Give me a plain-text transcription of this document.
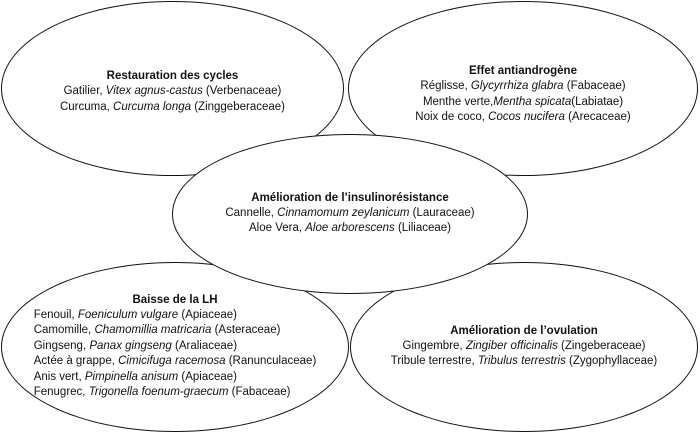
Restauration des cycles
Gatilier, Vitex agnus-castus (Verbenaceae)
Curcuma, Curcuma longa (Zinggeberaceae)
Effet antiandrogène
Réglisse, Glycyrrhiza glabra (Fabaceae)
Menthe verte,Mentha spicata(Labiatae)
Noix de coco, Cocos nucifera (Arecaceae)
Baisse de la LH
Fenouil, Foeniculum vulgare (Apiaceae)
Camomille, Chamomillia matricaria (Asteraceae)
Gingseng, Panax gingseng (Araliaceae)
Actée à grappe, Cimicifuga racemosa (Ranunculaceae)
Anis vert, Pimpinella anisum (Apiaceae)
Fenugrec, Trigonella foenum-graecum (Fabaceae)
Amélioration de l’ovulation
Gingembre, Zingiber officinalis (Zingeberaceae)
Tribule terrestre, Tribulus terrestris (Zygophyllaceae)
Amélioration de l’insulinorésistance
Cannelle, Cinnamomum zeylanicum (Lauraceae)
Aloe Vera, Aloe arborescens (Liliaceae)
